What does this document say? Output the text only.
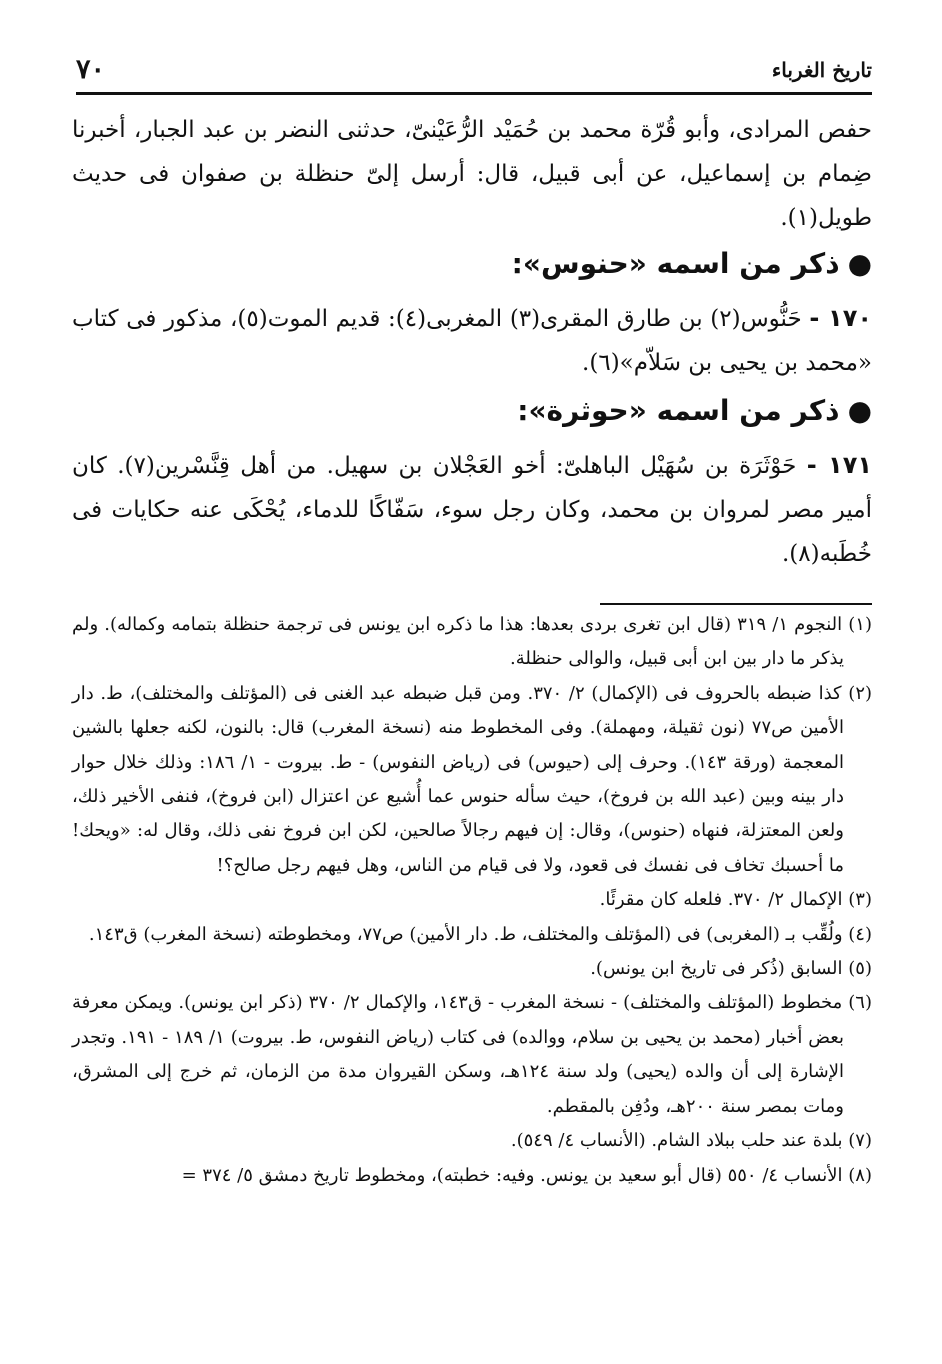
تاريخ الغرباء
٧٠
حفص المرادى، وأبو قُرّة محمد بن حُمَيْد الرُّعَيْنىّ، حدثنى النضر بن عبد الجبار، أخبرنا ضِمام بن إسماعيل، عن أبى قبيل، قال: أرسل إلىّ حنظلة بن صفوان فى حديث طويل(١).
●ذكر من اسمه «حنوس»:
١٧٠ - حَنُّوس(٢) بن طارق المقرى(٣) المغربى(٤): قديم الموت(٥)، مذكور فى كتاب «محمد بن يحيى بن سَلاّم»(٦).
●ذكر من اسمه «حوثرة»:
١٧١ - حَوْثَرَة بن سُهَيْل الباهلىّ: أخو العَجْلان بن سهيل. من أهل قِنَّسْرين(٧). كان أمير مصر لمروان بن محمد، وكان رجل سوء، سَفّاكًا للدماء، يُحْكَى عنه حكايات فى خُطَبه(٨).
(١) النجوم ١/ ٣١٩ (قال ابن تغرى بردى بعدها: هذا ما ذكره ابن يونس فى ترجمة حنظلة بتمامه وكماله). ولم يذكر ما دار بين ابن أبى قبيل، والوالى حنظلة.
(٢) كذا ضبطه بالحروف فى (الإكمال) ٢/ ٣٧٠. ومن قبل ضبطه عبد الغنى فى (المؤتلف والمختلف)، ط. دار الأمين ص٧٧ (نون ثقيلة، ومهملة). وفى المخطوط منه (نسخة المغرب) قال: بالنون، لكنه جعلها بالشين المعجمة (ورقة ١٤٣). وحرف إلى (حيوس) فى (رياض النفوس) - ط. بيروت - ١/ ١٨٦: وذلك خلال حوار دار بينه وبين (عبد الله بن فروخ)، حيث سأله حنوس عما أُشيع عن اعتزال (ابن فروخ)، فنفى الأخير ذلك، ولعن المعتزلة، فنهاه (حنوس)، وقال: إن فيهم رجالاً صالحين، لكن ابن فروخ نفى ذلك، وقال له: «ويحك! ما أحسبك تخاف فى نفسك فى قعود، ولا فى قيام من الناس، وهل فيهم رجل صالح؟!
(٣) الإكمال ٢/ ٣٧٠. فلعله كان مقرئًا.
(٤) ولُقِّب بـ (المغربى) فى (المؤتلف والمختلف، ط. دار الأمين) ص٧٧، ومخطوطته (نسخة المغرب) ق١٤٣.
(٥) السابق (ذُكر فى تاريخ ابن يونس).
(٦) مخطوط (المؤتلف والمختلف) - نسخة المغرب - ق١٤٣، والإكمال ٢/ ٣٧٠ (ذكر ابن يونس). ويمكن معرفة بعض أخبار (محمد بن يحيى بن سلام، ووالده) فى كتاب (رياض النفوس، ط. بيروت) ١/ ١٨٩ - ١٩١. وتجدر الإشارة إلى أن والده (يحيى) ولد سنة ١٢٤هـ، وسكن القيروان مدة من الزمان، ثم خرج إلى المشرق، ومات بمصر سنة ٢٠٠هـ، ودُفِن بالمقطم.
(٧) بلدة عند حلب ببلاد الشام. (الأنساب ٤/ ٥٤٩).
(٨) الأنساب ٤/ ٥٥٠ (قال أبو سعيد بن يونس. وفيه: خطبته)، ومخطوط تاريخ دمشق ٥/ ٣٧٤ =
